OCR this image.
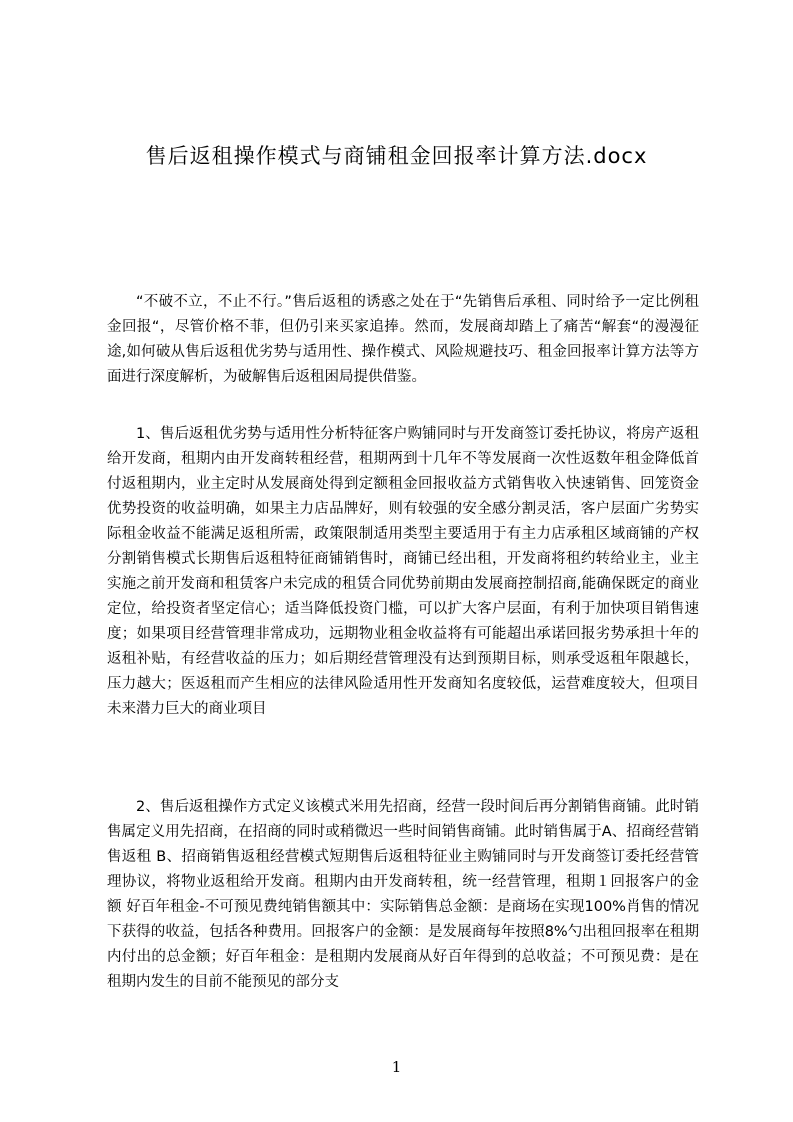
售后返租操作模式与商铺租金回报率计算方法.docx

“不破不立，不止不行。”售后返租的诱惑之处在于“先销售后承租、同时给予一定比例租金回报“，尽管价格不菲，但仍引来买家追捧。然而，发展商却踏上了痛苦“解套“的漫漫征途,如何破从售后返租优劣势与适用性、操作模式、风险规避技巧、租金回报率计算方法等方面进行深度解析，为破解售后返租困局提供借鉴。

1、售后返租优劣势与适用性分析特征客户购铺同时与开发商签订委托协议，将房产返租给开发商，租期内由开发商转租经营，租期两到十几年不等发展商一次性返数年租金降低首付返租期内，业主定时从发展商处得到定额租金回报收益方式销售收入快速销售、回笼资金优势投资的收益明确，如果主力店品牌好，则有较强的安全感分割灵活，客户层面广劣势实际租金收益不能满足返租所需，政策限制适用类型主要适用于有主力店承租区域商铺的产权分割销售模式长期售后返租特征商铺销售时，商铺已经出租，开发商将租约转给业主，业主实施之前开发商和租赁客户未完成的租赁合同优势前期由发展商控制招商,能确保既定的商业定位，给投资者坚定信心；适当降低投资门槛，可以扩大客户层面，有利于加快项目销售速度；如果项目经营管理非常成功，远期物业租金收益将有可能超出承诺回报劣势承担十年的返租补贴，有经营收益的压力；如后期经营管理没有达到预期目标，则承受返租年限越长，压力越大；医返租而产生相应的法律风险适用性开发商知名度较低，运营难度较大，但项目未来潜力巨大的商业项目

2、售后返租操作方式定义该模式米用先招商，经营一段时间后再分割销售商铺。此时销售属定义用先招商，在招商的同时或稍微迟一些时间销售商铺。此时销售属于A、招商经营销售返租 B、招商销售返租经营模式短期售后返租特征业主购铺同时与开发商签订委托经营管理协议，将物业返租给开发商。租期内由开发商转租，统一经营管理，租期１回报客户的金额 好百年租金-不可预见费纯销售额其中：实际销售总金额：是商场在实现100%肖售的情况下获得的收益，包括各种费用。回报客户的金额：是发展商每年按照8%勺出租回报率在租期内付出的总金额；好百年租金：是租期内发展商从好百年得到的总收益；不可预见费：是在租期内发生的目前不能预见的部分支

1
